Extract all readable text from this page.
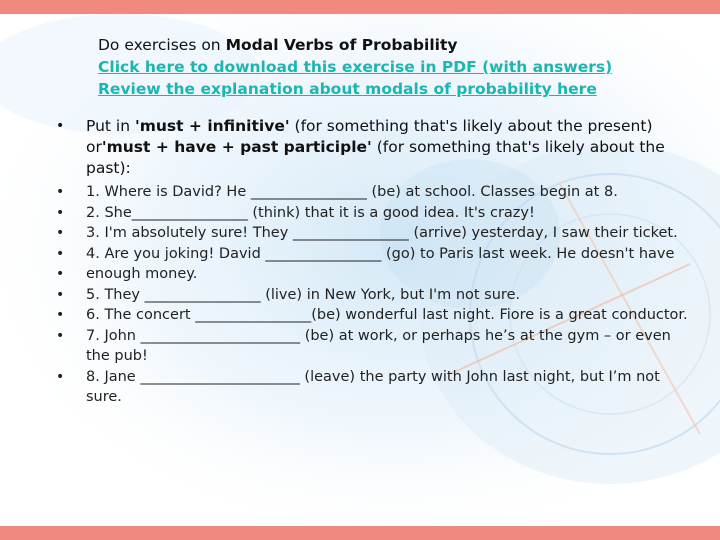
Do exercises on Modal Verbs of Probability
Click here to download this exercise in PDF (with answers)
Review the explanation about modals of probability here
• Put in 'must + infinitive' (for something that's likely about the present) or'must + have + past participle' (for something that's likely about the past):
• 1. Where is David? He ________________ (be) at school. Classes begin at 8.
• 2. She________________ (think) that it is a good idea. It's crazy!
• 3. I'm absolutely sure! They ________________ (arrive) yesterday, I saw their ticket.
• 4. Are you joking! David ________________ (go) to Paris last week. He doesn't have
• enough money.
• 5. They ________________ (live) in New York, but I'm not sure.
• 6. The concert ________________(be) wonderful last night. Fiore is a great conductor.
• 7. John ______________________ (be) at work, or perhaps he’s at the gym – or even the pub!
• 8. Jane ______________________ (leave) the party with John last night, but I’m not sure.
